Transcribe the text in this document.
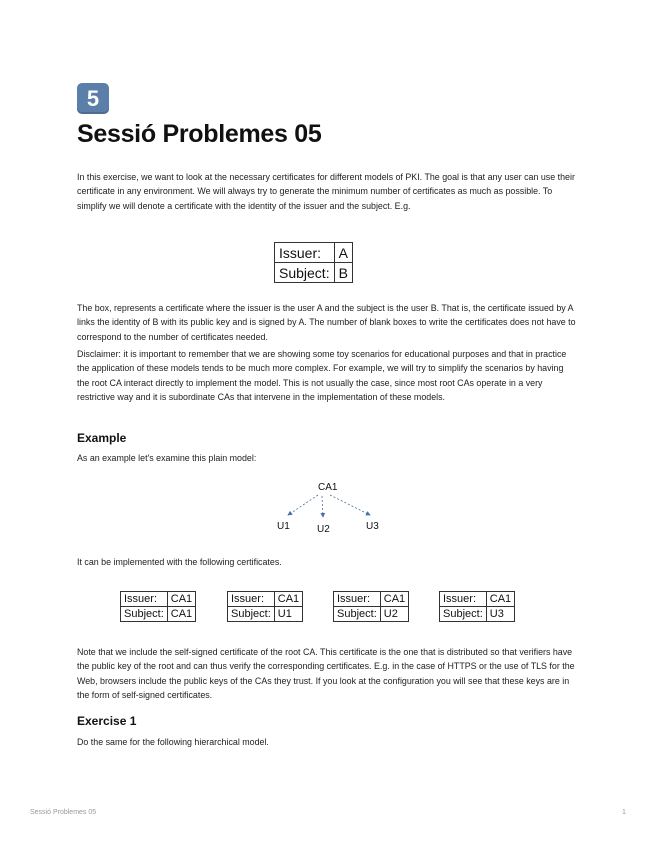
5
Sessió Problemes 05

In this exercise, we want to look at the necessary certificates for different models of PKI. The goal is that any user can use their certificate in any environment. We will always try to generate the minimum number of certificates as much as possible. To simplify we will denote a certificate with the identity of the issuer and the subject. E.g.

Issuer:	A
Subject:	B

The box, represents a certificate where the issuer is the user A and the subject is the user B. That is, the certificate issued by A links the identity of B with its public key and is signed by A. The number of blank boxes to write the certificates does not have to correspond to the number of certificates needed.

Disclaimer: it is important to remember that we are showing some toy scenarios for educational purposes and that in practice the application of these models tends to be much more complex. For example, we will try to simplify the scenarios by having the root CA interact directly to implement the model. This is not usually the case, since most root CAs operate in a very restrictive way and it is subordinate CAs that intervene in the implementation of these models.

Example

As an example let's examine this plain model:

CA1
U1	U2	U3

It can be implemented with the following certificates.

Issuer:	CA1
Subject:	CA1
Issuer:	CA1
Subject:	U1
Issuer:	CA1
Subject:	U2
Issuer:	CA1
Subject:	U3

Note that we include the self-signed certificate of the root CA. This certificate is the one that is distributed so that verifiers have the public key of the root and can thus verify the corresponding certificates. E.g. in the case of HTTPS or the use of TLS for the Web, browsers include the public keys of the CAs they trust. If you look at the configuration you will see that these keys are in the form of self-signed certificates.

Exercise 1

Do the same for the following hierarchical model.

Sessió Problemes 05	1
